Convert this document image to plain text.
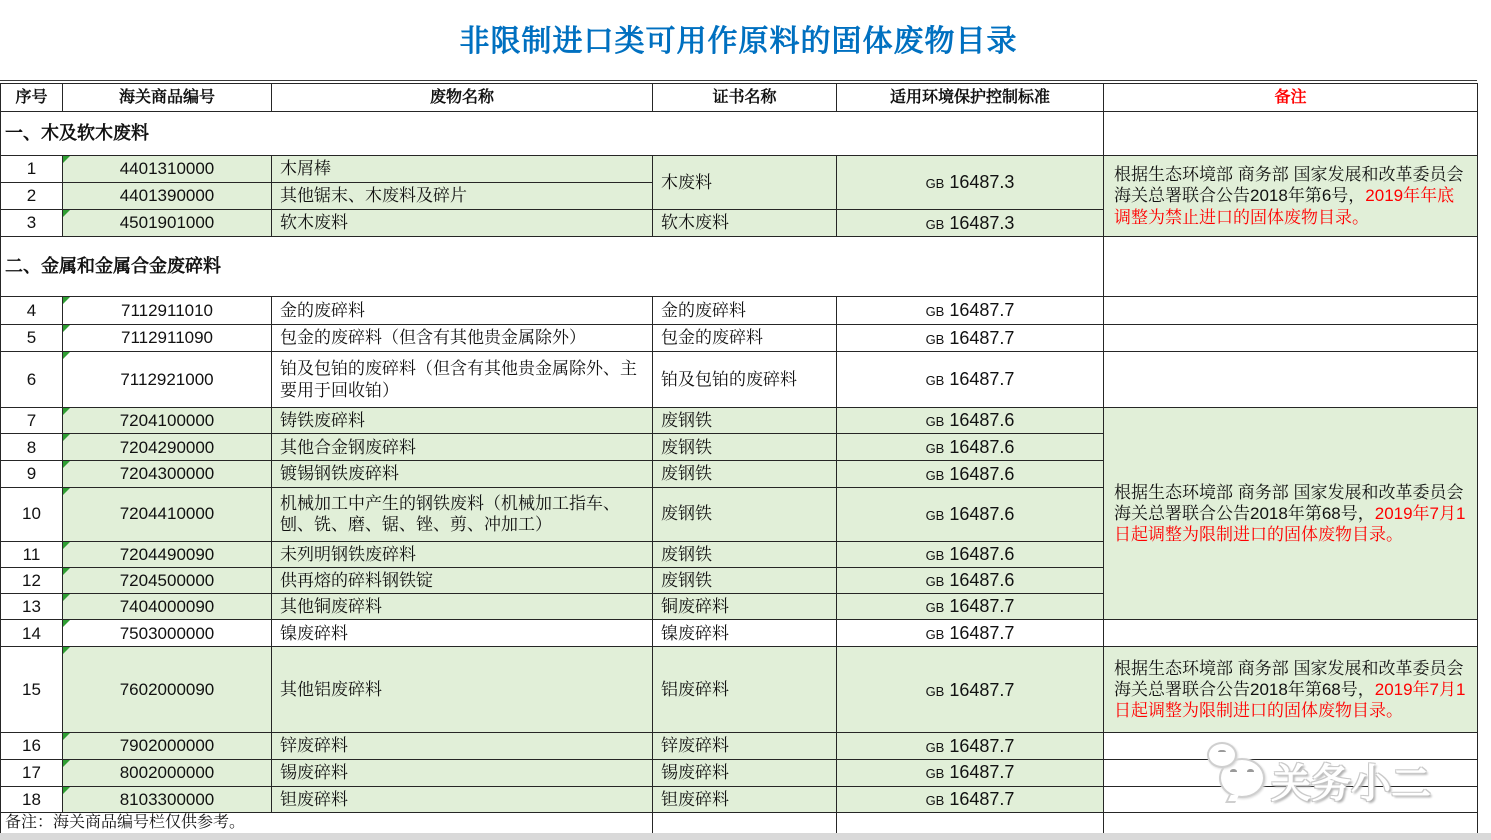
非限制进口类可用作原料的固体废物目录
序号	海关商品编号	废物名称	证书名称	适用环境保护控制标准	备注
一、木及软木废料					
1	4401310000	木屑棒	木废料	GB 16487.3	根据生态环境部 商务部 国家发展和改革委员会海关总署联合公告2018年第6号，2019年年底调整为禁止进口的固体废物目录。
2	4401390000	其他锯末、木废料及碎片			
3	4501901000	软木废料	软木废料	GB 16487.3	
二、金属和金属合金废碎料					
4	7112911010	金的废碎料	金的废碎料	GB 16487.7	
5	7112911090	包金的废碎料（但含有其他贵金属除外）	包金的废碎料	GB 16487.7	
6	7112921000	铂及包铂的废碎料（但含有其他贵金属除外、主要用于回收铂）	铂及包铂的废碎料	GB 16487.7	
7	7204100000	铸铁废碎料	废钢铁	GB 16487.6	根据生态环境部 商务部 国家发展和改革委员会海关总署联合公告2018年第68号，2019年7月1日起调整为限制进口的固体废物目录。
8	7204290000	其他合金钢废碎料	废钢铁	GB 16487.6	
9	7204300000	镀锡钢铁废碎料	废钢铁	GB 16487.6	
10	7204410000	机械加工中产生的钢铁废料（机械加工指车、刨、铣、磨、锯、锉、剪、冲加工）	废钢铁	GB 16487.6	
11	7204490090	未列明钢铁废碎料	废钢铁	GB 16487.6	
12	7204500000	供再熔的碎料钢铁锭	废钢铁	GB 16487.6	
13	7404000090	其他铜废碎料	铜废碎料	GB 16487.7	
14	7503000000	镍废碎料	镍废碎料	GB 16487.7	
15	7602000090	其他铝废碎料	铝废碎料	GB 16487.7	根据生态环境部 商务部 国家发展和改革委员会海关总署联合公告2018年第68号，2019年7月1日起调整为限制进口的固体废物目录。
16	7902000000	锌废碎料	锌废碎料	GB 16487.7	
17	8002000000	锡废碎料	锡废碎料	GB 16487.7	
18	8103300000	钽废碎料	钽废碎料	GB 16487.7	
备注：海关商品编号栏仅供参考。					
关务小二
